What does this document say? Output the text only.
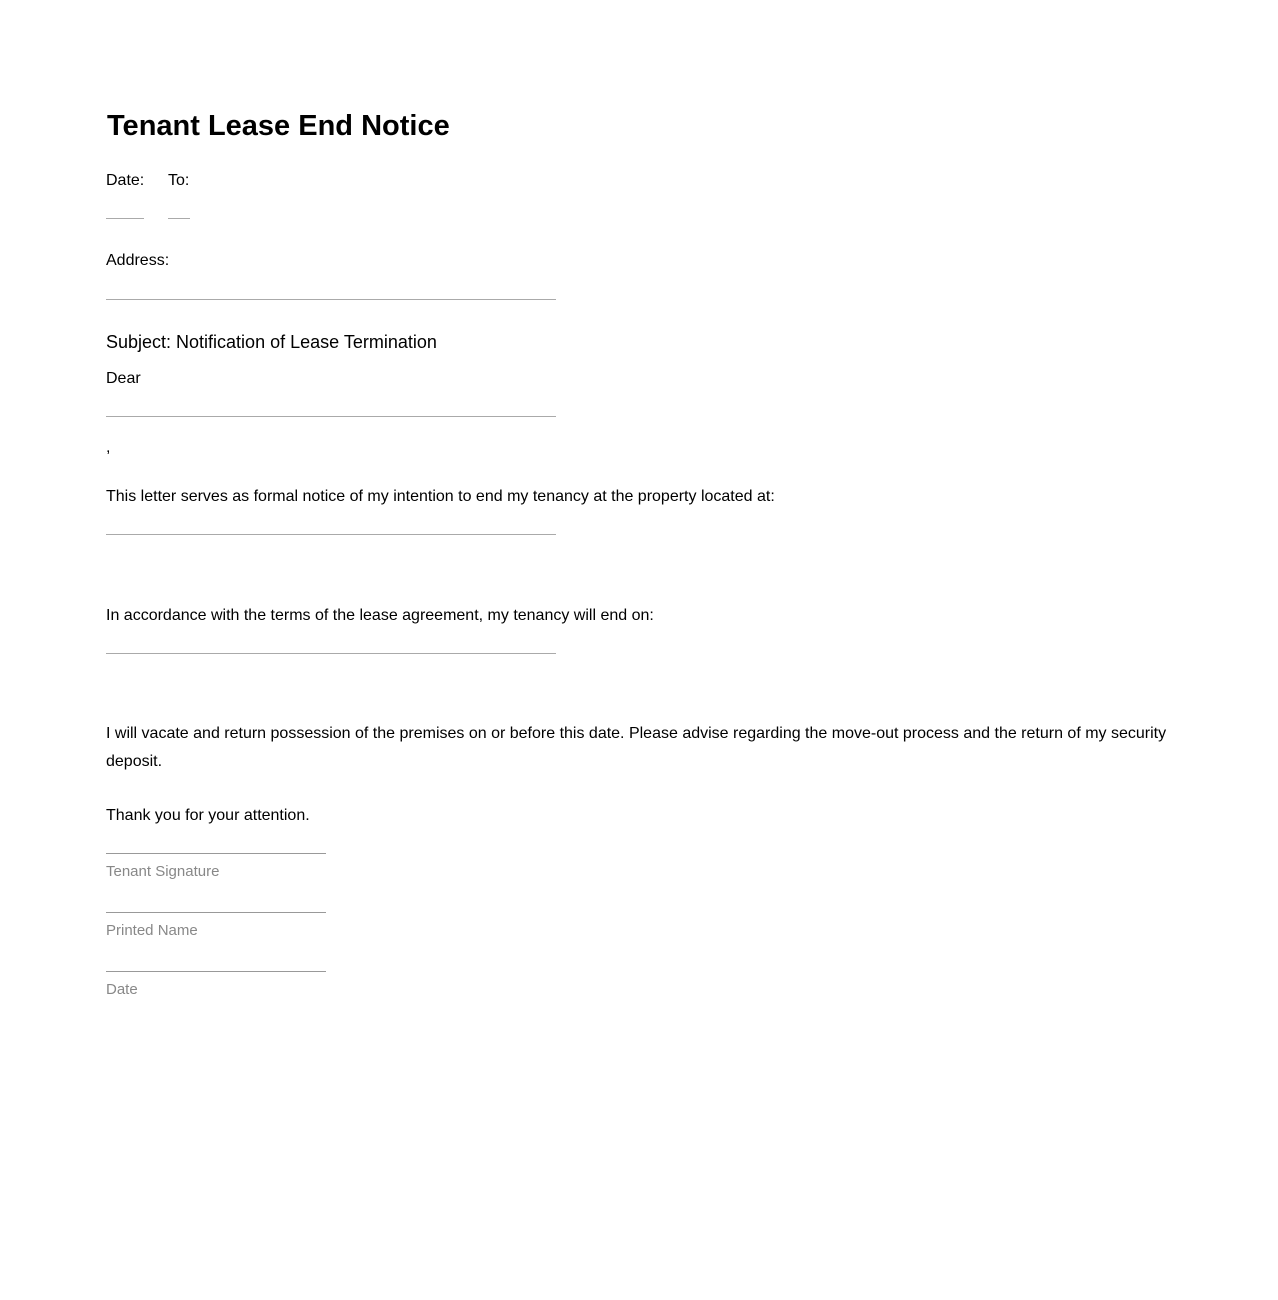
Tenant Lease End Notice
Date: To:
Address:
Subject: Notification of Lease Termination
Dear
,
This letter serves as formal notice of my intention to end my tenancy at the property located at:
In accordance with the terms of the lease agreement, my tenancy will end on:
I will vacate and return possession of the premises on or before this date. Please advise regarding the move-out process and the return of my security deposit.
Thank you for your attention.
Tenant Signature
Printed Name
Date
